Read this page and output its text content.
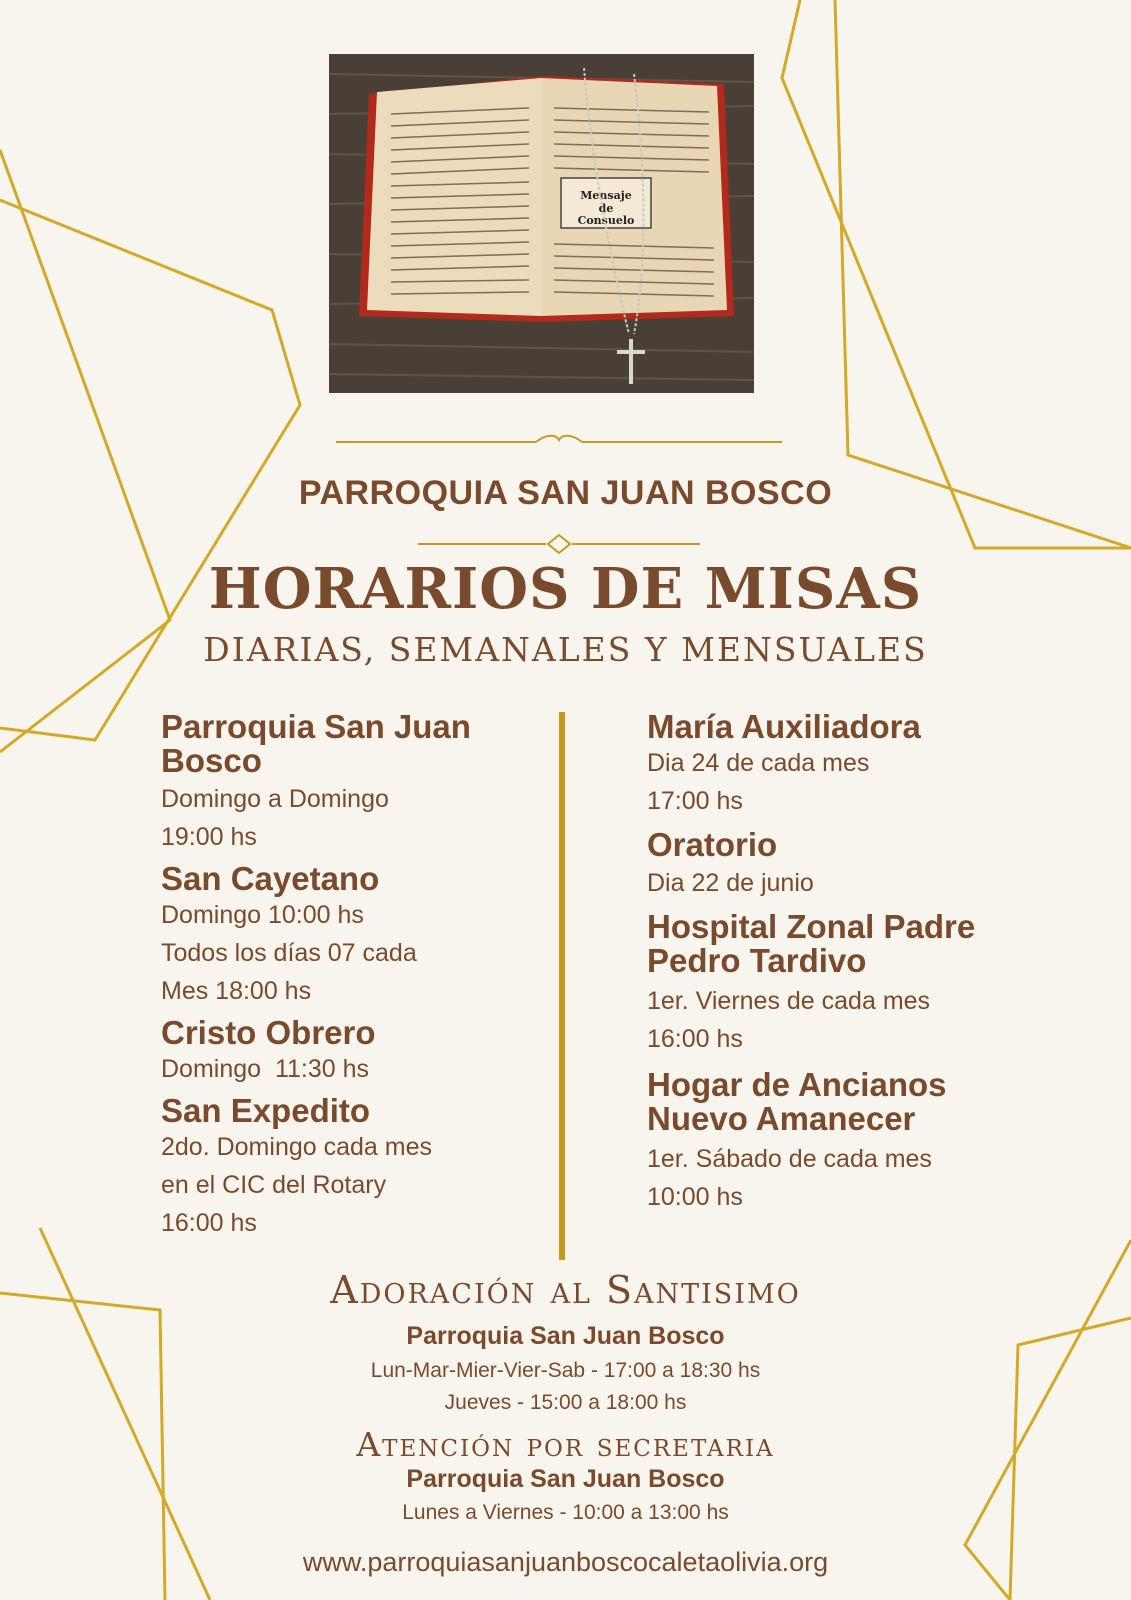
Mensaje
de
Consuelo
PARROQUIA SAN JUAN BOSCO
HORARIOS DE MISAS
DIARIAS, SEMANALES Y MENSUALES
Parroquia San Juan Bosco
Domingo a Domingo
19:00 hs
San Cayetano
Domingo 10:00 hs
Todos los días 07 cada
Mes 18:00 hs
Cristo Obrero
Domingo  11:30 hs
San Expedito
2do. Domingo cada mes
en el CIC del Rotary
16:00 hs
María Auxiliadora
Dia 24 de cada mes
17:00 hs
Oratorio
Dia 22 de junio
Hospital Zonal Padre Pedro Tardivo
1er. Viernes de cada mes
16:00 hs
Hogar de Ancianos Nuevo Amanecer
1er. Sábado de cada mes
10:00 hs
Adoración al Santisimo
Parroquia San Juan Bosco
Lun-Mar-Mier-Vier-Sab - 17:00 a 18:30 hs
Jueves - 15:00 a 18:00 hs
Atención por secretaria
Parroquia San Juan Bosco
Lunes a Viernes - 10:00 a 13:00 hs
www.parroquiasanjuanboscocaletaolivia.org
